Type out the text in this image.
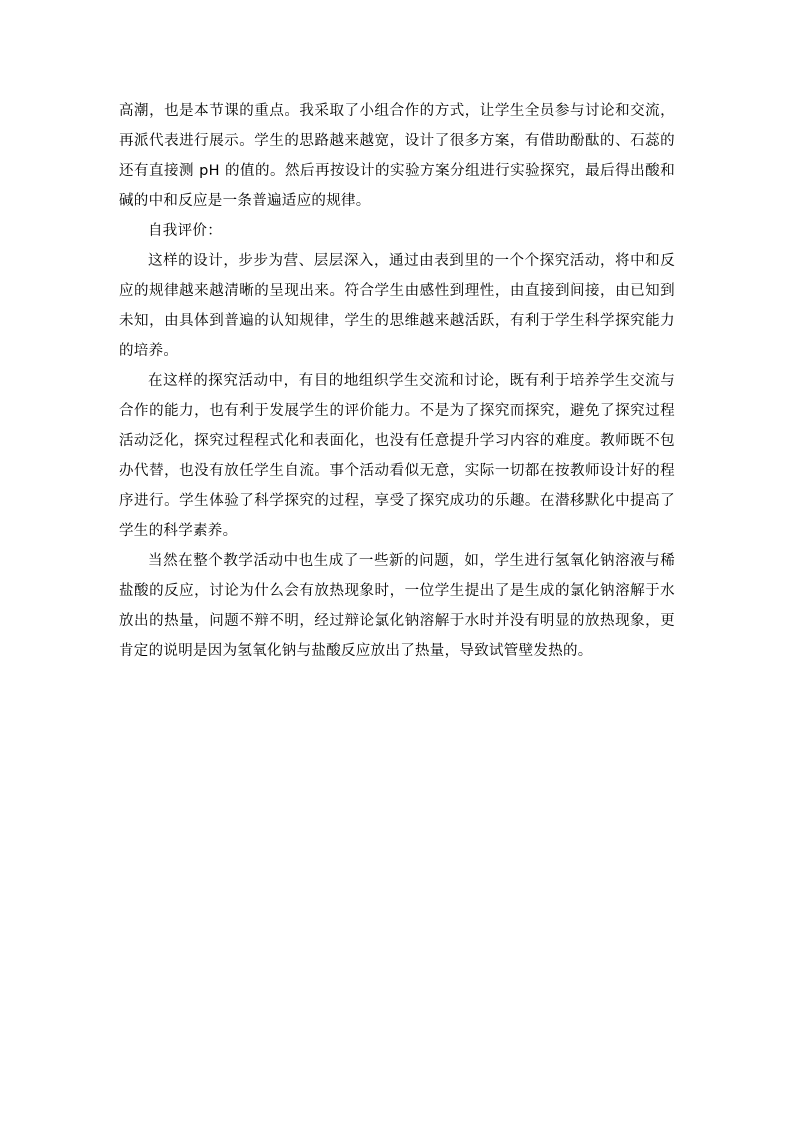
高潮，也是本节课的重点。我采取了小组合作的方式，让学生全员参与讨论和交流，再派代表进行展示。学生的思路越来越宽，设计了很多方案，有借助酚酞的、石蕊的还有直接测 pH 的值的。然后再按设计的实验方案分组进行实验探究，最后得出酸和碱的中和反应是一条普遍适应的规律。

自我评价：

这样的设计，步步为营、层层深入，通过由表到里的一个个探究活动，将中和反应的规律越来越清晰的呈现出来。符合学生由感性到理性，由直接到间接，由已知到未知，由具体到普遍的认知规律，学生的思维越来越活跃，有利于学生科学探究能力的培养。

在这样的探究活动中，有目的地组织学生交流和讨论，既有利于培养学生交流与合作的能力，也有利于发展学生的评价能力。不是为了探究而探究，避免了探究过程活动泛化，探究过程程式化和表面化，也没有任意提升学习内容的难度。教师既不包办代替，也没有放任学生自流。事个活动看似无意，实际一切都在按教师设计好的程序进行。学生体验了科学探究的过程，享受了探究成功的乐趣。在潜移默化中提高了学生的科学素养。

当然在整个教学活动中也生成了一些新的问题，如，学生进行氢氧化钠溶液与稀盐酸的反应，讨论为什么会有放热现象时，一位学生提出了是生成的氯化钠溶解于水放出的热量，问题不辩不明，经过辩论氯化钠溶解于水时并没有明显的放热现象，更肯定的说明是因为氢氧化钠与盐酸反应放出了热量，导致试管壁发热的。
